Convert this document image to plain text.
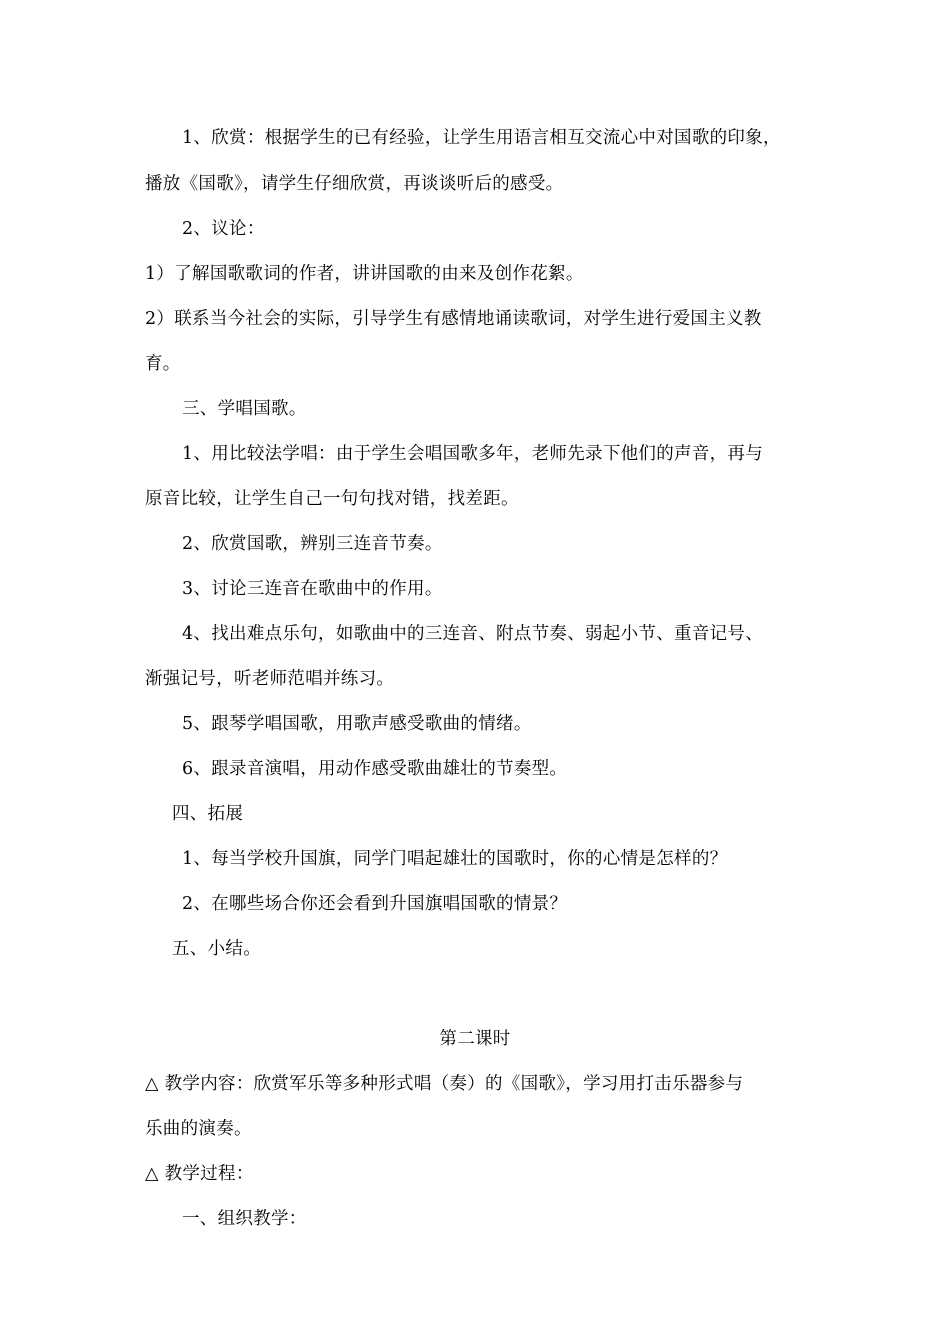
1、欣赏：根据学生的已有经验，让学生用语言相互交流心中对国歌的印象，
播放《国歌》，请学生仔细欣赏，再谈谈听后的感受。
2、议论：
1）了解国歌歌词的作者，讲讲国歌的由来及创作花絮。
2）联系当今社会的实际，引导学生有感情地诵读歌词，对学生进行爱国主义教
育。
三、学唱国歌。
1、用比较法学唱：由于学生会唱国歌多年，老师先录下他们的声音，再与
原音比较，让学生自己一句句找对错，找差距。
2、欣赏国歌，辨别三连音节奏。
3、讨论三连音在歌曲中的作用。
4、找出难点乐句，如歌曲中的三连音、附点节奏、弱起小节、重音记号、
渐强记号，听老师范唱并练习。
5、跟琴学唱国歌，用歌声感受歌曲的情绪。
6、跟录音演唱，用动作感受歌曲雄壮的节奏型。
四、拓展
1、每当学校升国旗，同学门唱起雄壮的国歌时，你的心情是怎样的？
2、在哪些场合你还会看到升国旗唱国歌的情景？
五、小结。
第二课时
△ 教学内容：欣赏军乐等多种形式唱（奏）的《国歌》，学习用打击乐器参与
乐曲的演奏。
△ 教学过程：
一、组织教学：
